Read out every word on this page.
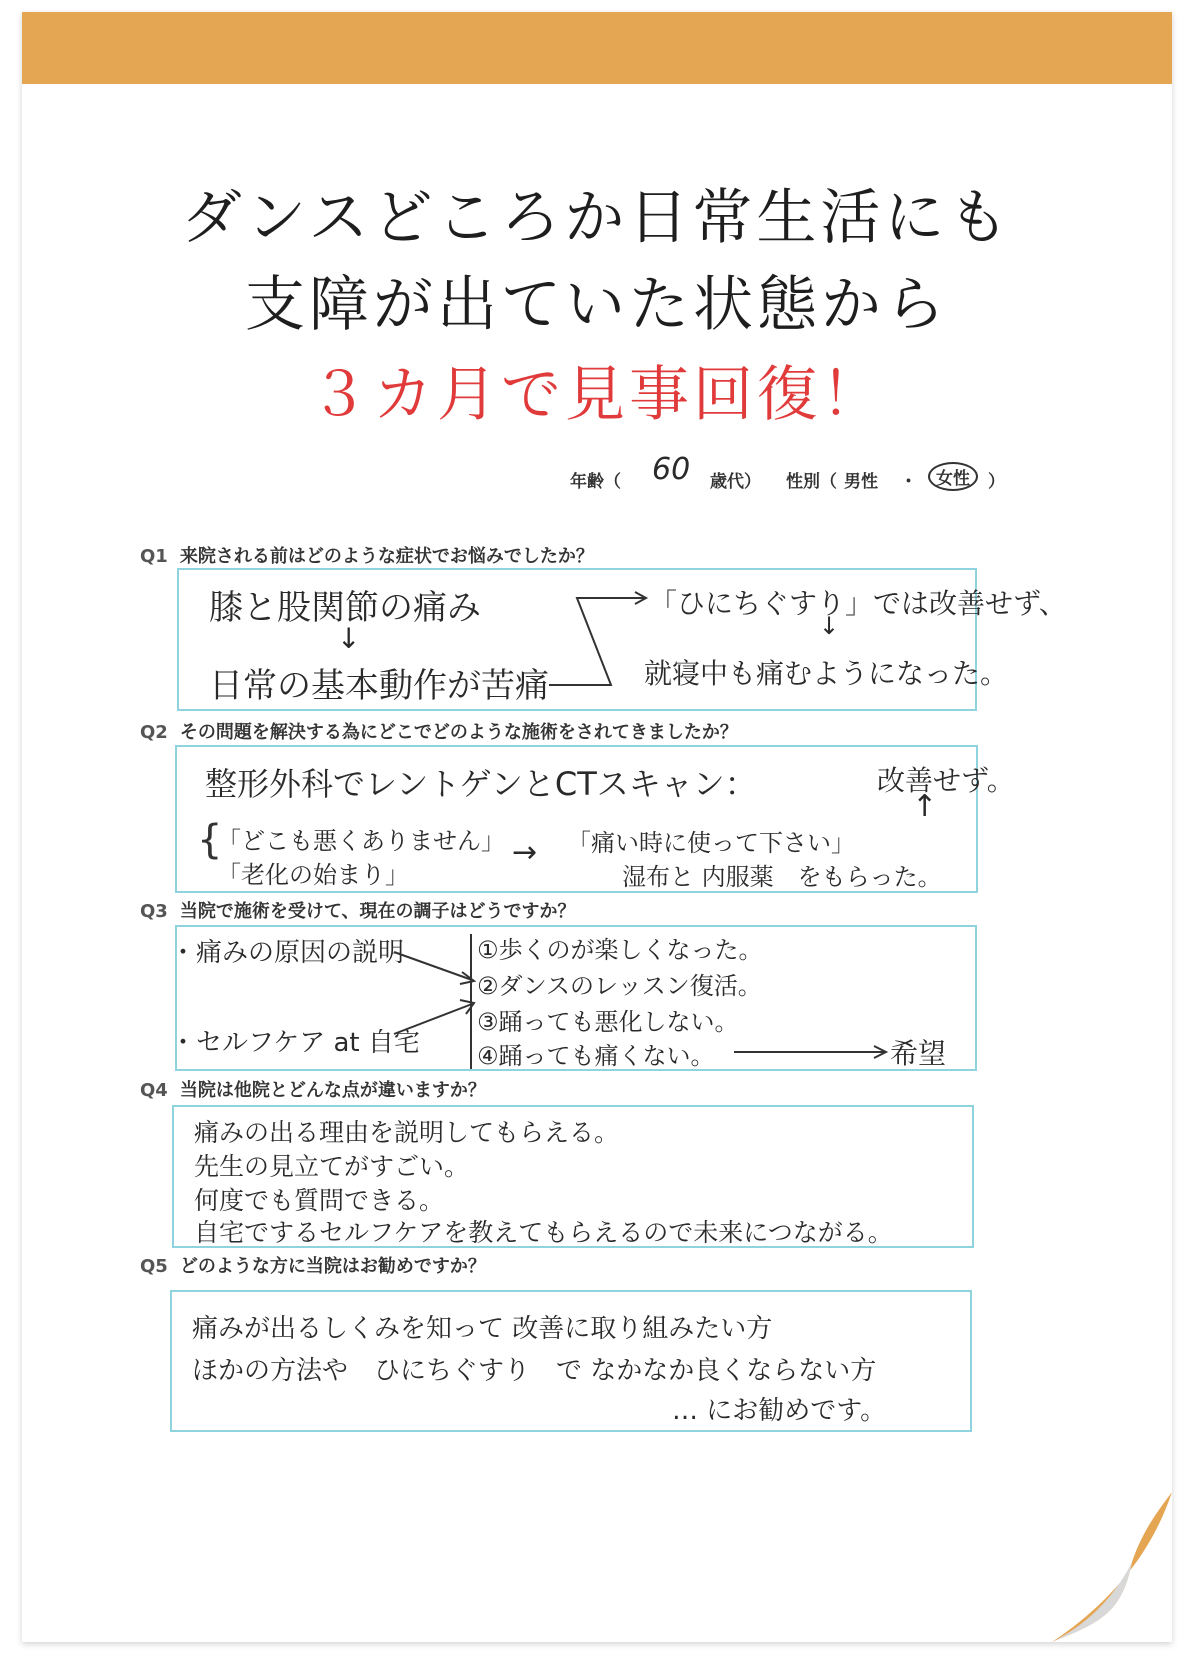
ダンスどころか日常生活にも
支障が出ていた状態から
３カ月で見事回復！
年齢（ 60 歳代） 性別（ 男性 ・	女性	）
Q1 来院される前はどのような症状でお悩みでしたか？
膝と股関節の痛み
↓
日常の基本動作が苦痛
「ひにちぐすり」では改善せず、
↓
就寝中も痛むようになった。
Q2 その問題を解決する為にどこでどのような施術をされてきましたか？
整形外科でレントゲンとCTスキャン：	改善せず。
↑
{
「どこも悪くありません」
「老化の始まり」
→ 「痛い時に使って下さい」
湿布と 内服薬　をもらった。
Q3 当院で施術を受けて、現在の調子はどうですか？
・痛みの原因の説明
・セルフケア at 自宅
①歩くのが楽しくなった。
②ダンスのレッスン復活。
③踊っても悪化しない。
④踊っても痛くない。	希望
Q4 当院は他院とどんな点が違いますか？
痛みの出る理由を説明してもらえる。
先生の見立てがすごい。
何度でも質問できる。
自宅でするセルフケアを教えてもらえるので未来につながる。
Q5 どのような方に当院はお勧めですか？
痛みが出るしくみを知って 改善に取り組みたい方
ほかの方法や　ひにちぐすり　で なかなか良くならない方
… にお勧めです。
